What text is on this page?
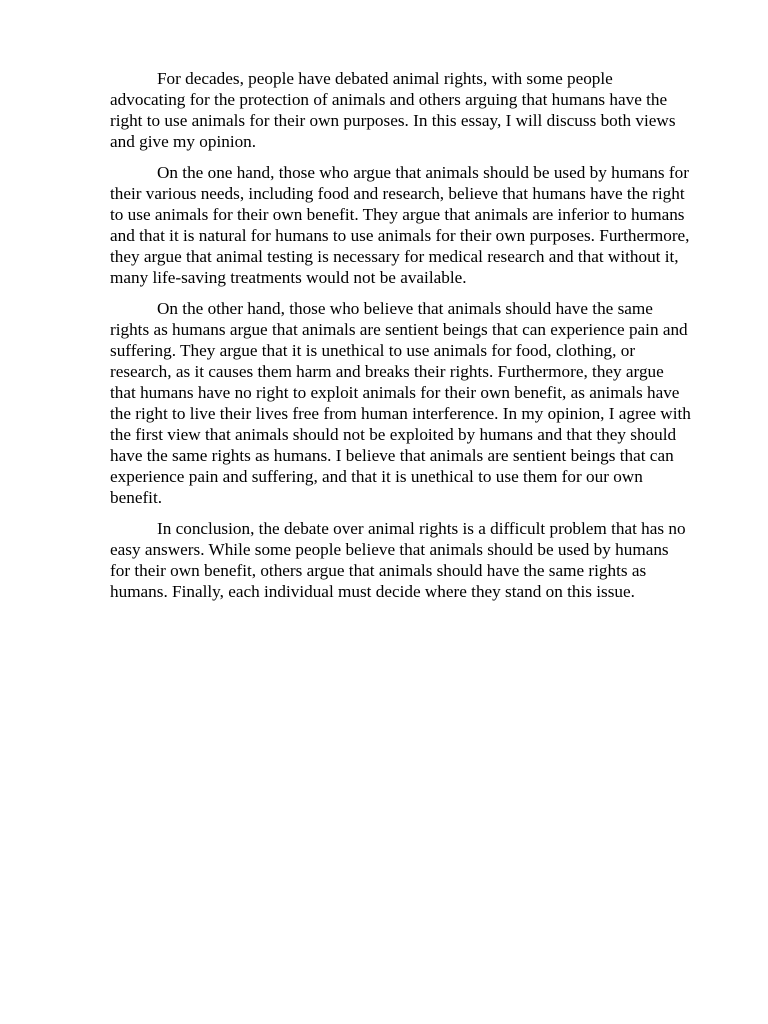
For decades, people have debated animal rights, with some people advocating for the protection of animals and others arguing that humans have the right to use animals for their own purposes. In this essay, I will discuss both views and give my opinion.

On the one hand, those who argue that animals should be used by humans for their various needs, including food and research, believe that humans have the right to use animals for their own benefit. They argue that animals are inferior to humans and that it is natural for humans to use animals for their own purposes. Furthermore, they argue that animal testing is necessary for medical research and that without it, many life-saving treatments would not be available.

On the other hand, those who believe that animals should have the same rights as humans argue that animals are sentient beings that can experience pain and suffering. They argue that it is unethical to use animals for food, clothing, or research, as it causes them harm and breaks their rights. Furthermore, they argue that humans have no right to exploit animals for their own benefit, as animals have the right to live their lives free from human interference. In my opinion, I agree with the first view that animals should not be exploited by humans and that they should have the same rights as humans. I believe that animals are sentient beings that can experience pain and suffering, and that it is unethical to use them for our own benefit.

In conclusion, the debate over animal rights is a difficult problem that has no easy answers. While some people believe that animals should be used by humans for their own benefit, others argue that animals should have the same rights as humans. Finally, each individual must decide where they stand on this issue.
